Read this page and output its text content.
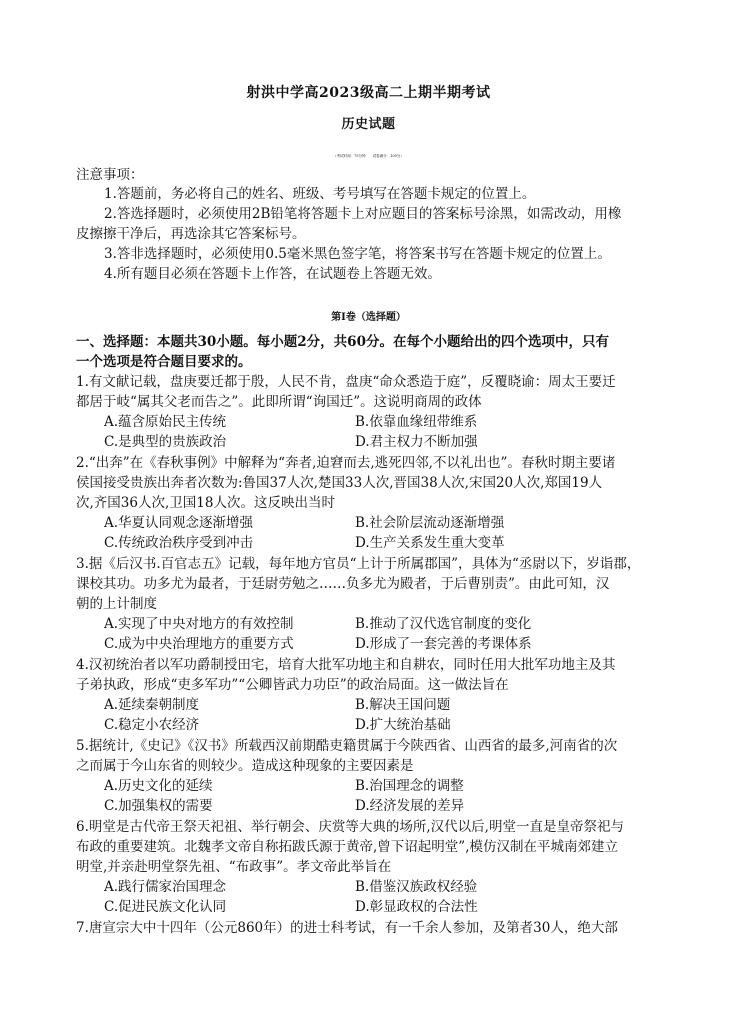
射洪中学高2023级高二上期半期考试
历史试题
（考试时间：75分钟　　试卷满分：100分）
注意事项：
1.答题前，务必将自己的姓名、班级、考号填写在答题卡规定的位置上。
2.答选择题时，必须使用2B铅笔将答题卡上对应题目的答案标号涂黑，如需改动，用橡
皮擦擦干净后，再选涂其它答案标号。
3.答非选择题时，必须使用0.5毫米黑色签字笔，将答案书写在答题卡规定的位置上。
4.所有题目必须在答题卡上作答，在试题卷上答题无效。
第Ⅰ卷（选择题）
一、选择题：本题共30小题。每小题2分，共60分。在每个小题给出的四个选项中，只有
一个选项是符合题目要求的。
1.有文献记载，盘庚要迁都于殷，人民不肯，盘庚“命众悉造于庭”，反覆晓谕：周太王要迁
都居于岐“属其父老而告之”。此即所谓“询国迁”。这说明商周的政体
A.蕴含原始民主传统	B.依靠血缘纽带维系
C.是典型的贵族政治	D.君主权力不断加强
2.“出奔”在《春秋事例》中解释为“奔者,迫窘而去,逃死四邻,不以礼出也”。春秋时期主要诸
侯国接受贵族出奔者次数为:鲁国37人次,楚国33人次,晋国38人次,宋国20人次,郑国19人
次,齐国36人次,卫国18人次。这反映出当时
A.华夏认同观念逐渐增强	B.社会阶层流动逐渐增强
C.传统政治秩序受到冲击	D.生产关系发生重大变革
3.据《后汉书.百官志五》记载，每年地方官员“上计于所属郡国”，具体为“丞尉以下，岁诣郡，
课校其功。功多尤为最者，于廷尉劳勉之……负多尤为殿者，于后曹别责”。由此可知，汉
朝的上计制度
A.实现了中央对地方的有效控制	B.推动了汉代选官制度的变化
C.成为中央治理地方的重要方式	D.形成了一套完善的考课体系
4.汉初统治者以军功爵制授田宅，培育大批军功地主和自耕农，同时任用大批军功地主及其
子弟执政，形成“吏多军功”“公卿皆武力功臣”的政治局面。这一做法旨在
A.延续秦朝制度	B.解决王国问题
C.稳定小农经济	D.扩大统治基础
5.据统计,《史记》《汉书》所载西汉前期酷吏籍贯属于今陕西省、山西省的最多,河南省的次
之而属于今山东省的则较少。造成这种现象的主要因素是
A.历史文化的延续	B.治国理念的调整
C.加强集权的需要	D.经济发展的差异
6.明堂是古代帝王祭天祀祖、举行朝会、庆赏等大典的场所,汉代以后,明堂一直是皇帝祭祀与
布政的重要建筑。北魏孝文帝自称拓跋氏源于黄帝,曾下诏起明堂”,模仿汉制在平城南郊建立
明堂,并亲赴明堂祭先祖、“布政事”。孝文帝此举旨在
A.践行儒家治国理念	B.借鉴汉族政权经验
C.促进民族文化认同	D.彰显政权的合法性
7.唐宣宗大中十四年（公元860年）的进士科考试，有一千余人参加，及第者30人，绝大部
